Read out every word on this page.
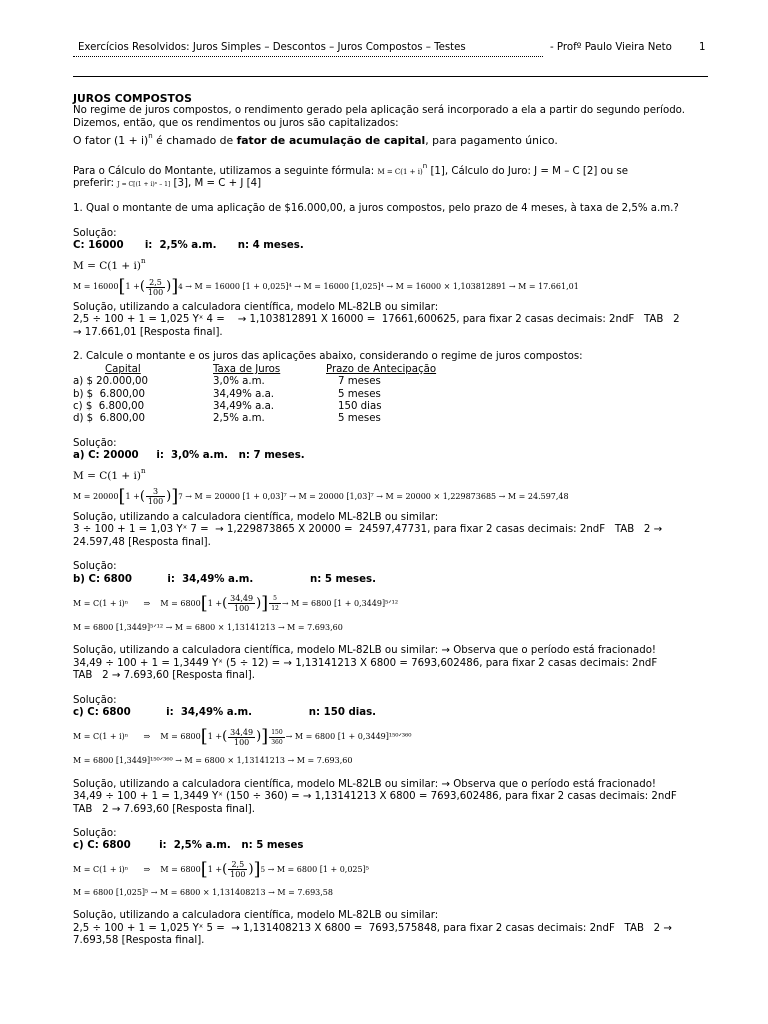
Exercícios Resolvidos: Juros Simples – Descontos – Juros Compostos – Testes	- Profº Paulo Vieira Neto	1

JUROS COMPOSTOS

No regime de juros compostos, o rendimento gerado pela aplicação será incorporado a ela a partir do segundo período.

Dizemos, então, que os rendimentos ou juros são capitalizados:

O fator $(1 + i)^n$ é chamado de fator de acumulação de capital, para pagamento único.

Para o Cálculo do Montante, utilizamos a seguinte fórmula: $M = C(1 + i)^n$ [1], Cálculo do Juro: J = M – C [2] ou se

preferir: J = C[(1 + i)ⁿ – 1] [3], M = C + J [4]

1. Qual o montante de uma aplicação de $16.000,00, a juros compostos, pelo prazo de 4 meses, à taxa de 2,5% a.m.?

Solução:

C: 16000      i:  2,5% a.m.      n: 4 meses.

$M = C(1 + i)^n$

M = 16000 [ 1 + ( $\frac{2,5}{100}$ ) ] 4
→ M = 16000 [1 + 0,025]⁴ → M = 16000 [1,025]⁴ → M = 16000 × 1,103812891 → M = 17.661,01

Solução, utilizando a calculadora científica, modelo ML-82LB ou similar:

2,5 ÷ 100 + 1 = 1,025 Yˣ 4 =    → 1,103812891 X 16000 =  17661,600625, para fixar 2 casas decimais: 2ndF   TAB   2

→ 17.661,01 [Resposta final].

2. Calcule o montante e os juros das aplicações abaixo, considerando o regime de juros compostos:

Capital	Taxa de Juros	Prazo de Antecipação
a) $ 20.000,00	3,0% a.m.	7 meses
b) $  6.800,00	34,49% a.a.	5 meses
c) $  6.800,00	34,49% a.a.	150 dias
d) $  6.800,00	2,5% a.m.	5 meses

Solução:

a) C: 20000     i:  3,0% a.m.   n: 7 meses.

$M = C(1 + i)^n$

M = 20000 [ 1 + ( $\frac{3}{100}$ ) ] 7
→ M = 20000 [1 + 0,03]⁷ → M = 20000 [1,03]⁷ → M = 20000 × 1,229873685 → M = 24.597,48

Solução, utilizando a calculadora científica, modelo ML-82LB ou similar:

3 ÷ 100 + 1 = 1,03 Yˣ 7 =  → 1,229873865 X 20000 =  24597,47731, para fixar 2 casas decimais: 2ndF   TAB   2 →

24.597,48 [Resposta final].

Solução:

b) C: 6800          i:  34,49% a.m.                n: 5 meses.

M = C(1 + i)ⁿ      ⇒    M = 6800 [ 1 + ( $\frac{34,49}{100}$ ) ] $\frac{5}{12} \to M = 6800$ [1 + 0,3449]⁵ᐟ¹²

M = 6800 [1,3449]⁵ᐟ¹² → M = 6800 × 1,13141213 → M = 7.693,60

Solução, utilizando a calculadora científica, modelo ML-82LB ou similar: → Observa que o período está fracionado!

34,49 ÷ 100 + 1 = 1,3449 Yˣ (5 ÷ 12) = → 1,13141213 X 6800 = 7693,602486, para fixar 2 casas decimais: 2ndF

TAB   2 → 7.693,60 [Resposta final].

Solução:

c) C: 6800          i:  34,49% a.m.                n: 150 dias.

M = C(1 + i)ⁿ      ⇒    M = 6800 [ 1 + ( $\frac{34,49}{100}$ ) ] $\frac{150}{360} \to M = 6800$ [1 + 0,3449]¹⁵⁰ᐟ³⁶⁰

M = 6800 [1,3449]¹⁵⁰ᐟ³⁶⁰ → M = 6800 × 1,13141213 → M = 7.693,60

Solução, utilizando a calculadora científica, modelo ML-82LB ou similar: → Observa que o período está fracionado!

34,49 ÷ 100 + 1 = 1,3449 Yˣ (150 ÷ 360) = → 1,13141213 X 6800 = 7693,602486, para fixar 2 casas decimais: 2ndF

TAB   2 → 7.693,60 [Resposta final].

Solução:

c) C: 6800        i:  2,5% a.m.   n: 5 meses

M = C(1 + i)ⁿ      ⇒    M = 6800 [ 1 + ( $\frac{2,5}{100}$ ) ] 5
→ M = 6800 [1 + 0,025]⁵

M = 6800 [1,025]⁵ → M = 6800 × 1,131408213 → M = 7.693,58

Solução, utilizando a calculadora científica, modelo ML-82LB ou similar:

2,5 ÷ 100 + 1 = 1,025 Yˣ 5 =  → 1,131408213 X 6800 =  7693,575848, para fixar 2 casas decimais: 2ndF   TAB   2 →

7.693,58 [Resposta final].
